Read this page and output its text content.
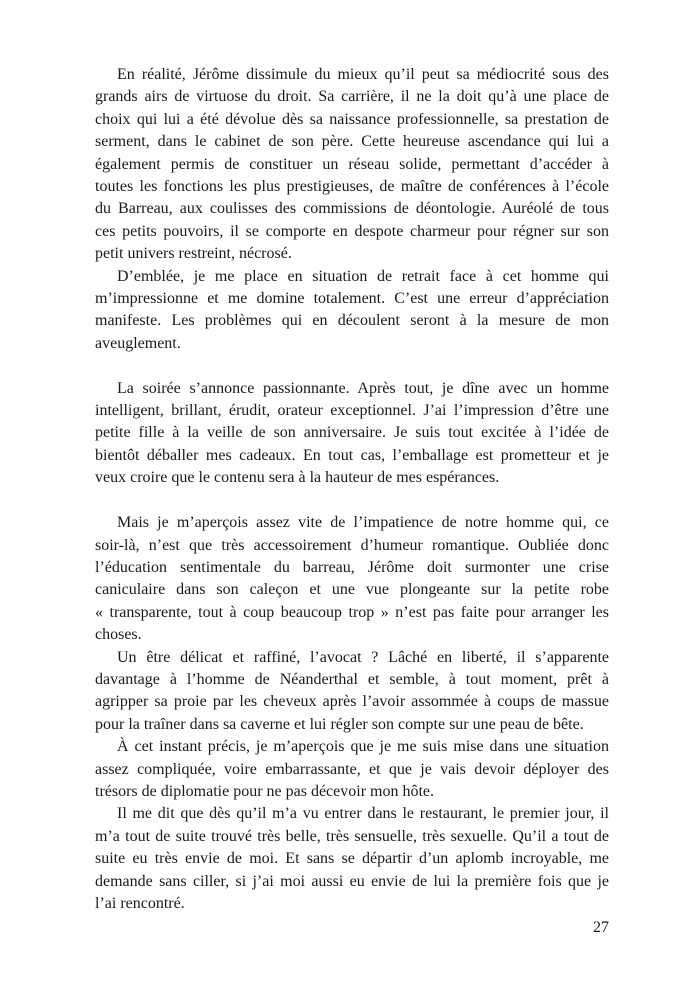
En réalité, Jérôme dissimule du mieux qu’il peut sa médiocrité sous des
grands airs de virtuose du droit. Sa carrière, il ne la doit qu’à une place de
choix qui lui a été dévolue dès sa naissance professionnelle, sa prestation de
serment, dans le cabinet de son père. Cette heureuse ascendance qui lui a
également permis de constituer un réseau solide, permettant d’accéder à
toutes les fonctions les plus prestigieuses, de maître de conférences à l’école
du Barreau, aux coulisses des commissions de déontologie. Auréolé de tous
ces petits pouvoirs, il se comporte en despote charmeur pour régner sur son
petit univers restreint, nécrosé.
D’emblée, je me place en situation de retrait face à cet homme qui
m’impressionne et me domine totalement. C’est une erreur d’appréciation
manifeste. Les problèmes qui en découlent seront à la mesure de mon
aveuglement.
La soirée s’annonce passionnante. Après tout, je dîne avec un homme
intelligent, brillant, érudit, orateur exceptionnel. J’ai l’impression d’être une
petite fille à la veille de son anniversaire. Je suis tout excitée à l’idée de
bientôt déballer mes cadeaux. En tout cas, l’emballage est prometteur et je
veux croire que le contenu sera à la hauteur de mes espérances.
Mais je m’aperçois assez vite de l’impatience de notre homme qui, ce
soir-là, n’est que très accessoirement d’humeur romantique. Oubliée donc
l’éducation sentimentale du barreau, Jérôme doit surmonter une crise
caniculaire dans son caleçon et une vue plongeante sur la petite robe
« transparente, tout à coup beaucoup trop » n’est pas faite pour arranger les
choses.
Un être délicat et raffiné, l’avocat ? Lâché en liberté, il s’apparente
davantage à l’homme de Néanderthal et semble, à tout moment, prêt à
agripper sa proie par les cheveux après l’avoir assommée à coups de massue
pour la traîner dans sa caverne et lui régler son compte sur une peau de bête.
À cet instant précis, je m’aperçois que je me suis mise dans une situation
assez compliquée, voire embarrassante, et que je vais devoir déployer des
trésors de diplomatie pour ne pas décevoir mon hôte.
Il me dit que dès qu’il m’a vu entrer dans le restaurant, le premier jour, il
m’a tout de suite trouvé très belle, très sensuelle, très sexuelle. Qu’il a tout de
suite eu très envie de moi. Et sans se départir d’un aplomb incroyable, me
demande sans ciller, si j’ai moi aussi eu envie de lui la première fois que je
l’ai rencontré.
27
